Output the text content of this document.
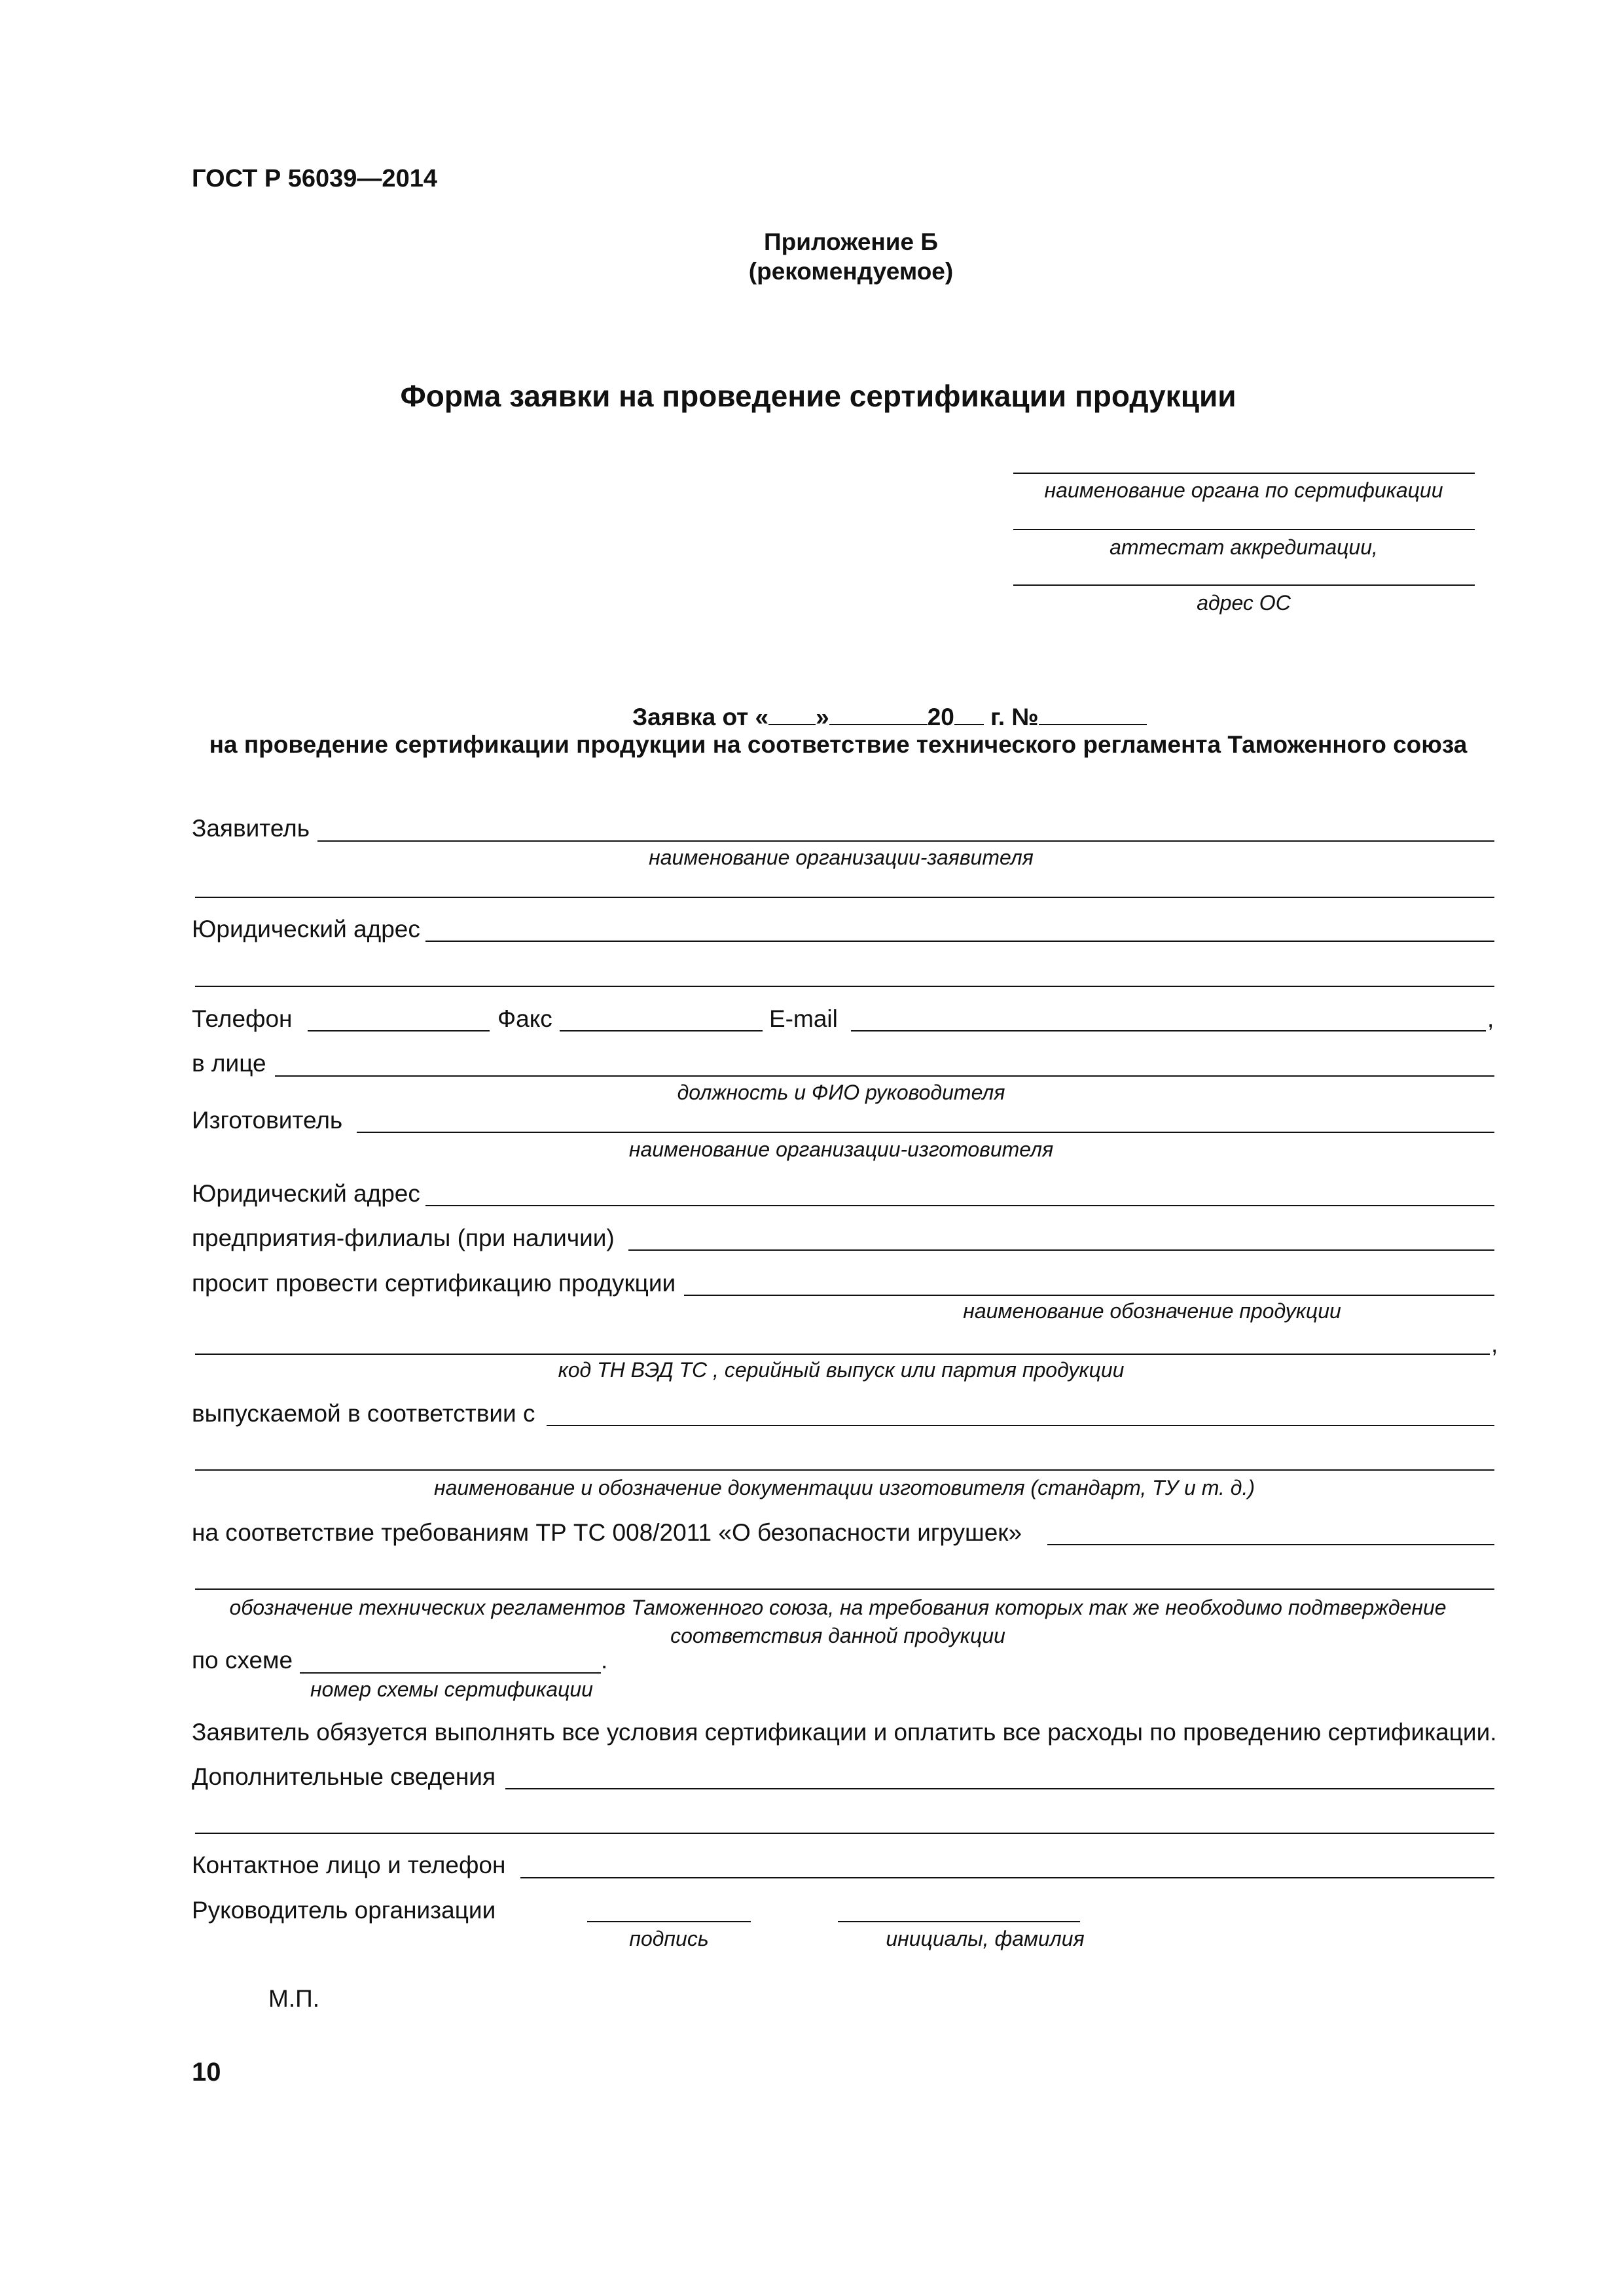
ГОСТ Р 56039—2014
Приложение Б
(рекомендуемое)
Форма заявки на проведение сертификации продукции
наименование органа по сертификации
аттестат аккредитации,
адрес ОС
Заявка от « »	20 г. №
на проведение сертификации продукции на соответствие технического регламента Таможенного союза
Заявитель
наименование организации-заявителя
Юридический адрес
Телефон	Факс	E-mail	,
в лице
должность и ФИО руководителя
Изготовитель
наименование организации-изготовителя
Юридический адрес
предприятия-филиалы (при наличии)
просит провести сертификацию продукции
наименование обозначение продукции
,
код ТН ВЭД ТС , серийный выпуск или партия продукции
выпускаемой в соответствии с
наименование и обозначение документации изготовителя (стандарт, ТУ и т. д.)
на соответствие требованиям ТР ТС 008/2011 «О безопасности игрушек»
обозначение технических регламентов Таможенного союза, на требования которых так же необходимо подтверждение
соответствия данной продукции
по схеме	.
номер схемы сертификации
Заявитель обязуется выполнять все условия сертификации и оплатить все расходы по проведению сертификации.
Дополнительные сведения
Контактное лицо и телефон
Руководитель организации
подпись	инициалы, фамилия
М.П.
10
